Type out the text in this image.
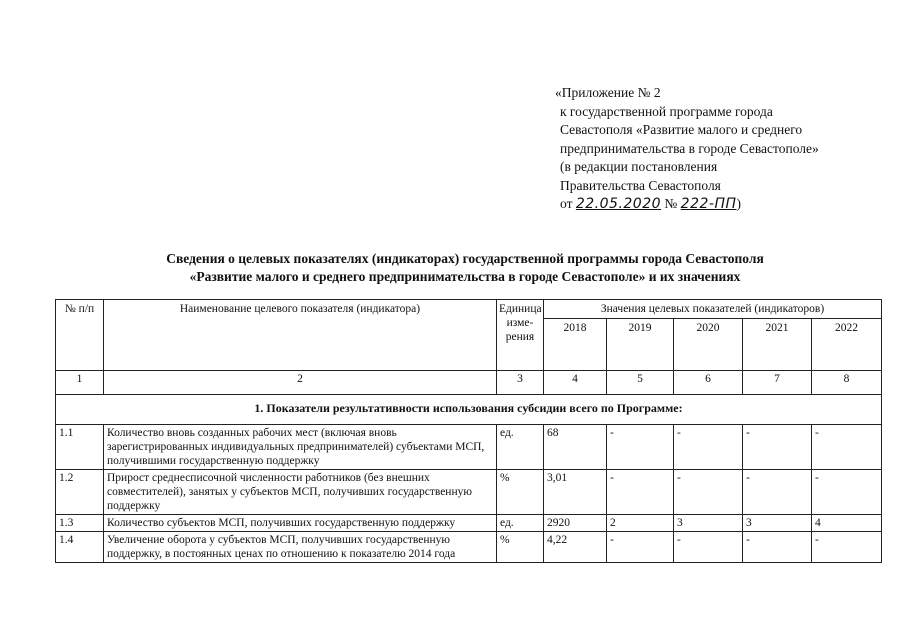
«Приложение № 2
к государственной программе города
Севастополя «Развитие малого и среднего
предпринимательства в городе Севастополе»
(в редакции постановления
Правительства Севастополя
от 22.05.2020 № 222-ПП)
Сведения о целевых показателях (индикаторах) государственной программы города Севастополя
«Развитие малого и среднего предпринимательства в городе Севастополе» и их значениях
№ п/п	Наименование целевого показателя (индикатора)	Единица изме-рения	Значения целевых показателей (индикаторов)				
			2018	2019	2020	2021	2022
1	2	3	4	5	6	7	8
1. Показатели результативности использования субсидии всего по Программе:							
1.1	Количество вновь созданных рабочих мест (включая вновь зарегистрированных индивидуальных предпринимателей) субъектами МСП, получившими государственную поддержку	ед.	68	-	-	-	-
1.2	Прирост среднесписочной численности работников (без внешних совместителей), занятых у субъектов МСП, получивших государственную поддержку	%	3,01	-	-	-	-
1.3	Количество субъектов МСП, получивших государственную поддержку	ед.	2920	2	3	3	4
1.4	Увеличение оборота у субъектов МСП, получивших государственную поддержку, в постоянных ценах по отношению к показателю 2014 года	%	4,22	-	-	-	-
